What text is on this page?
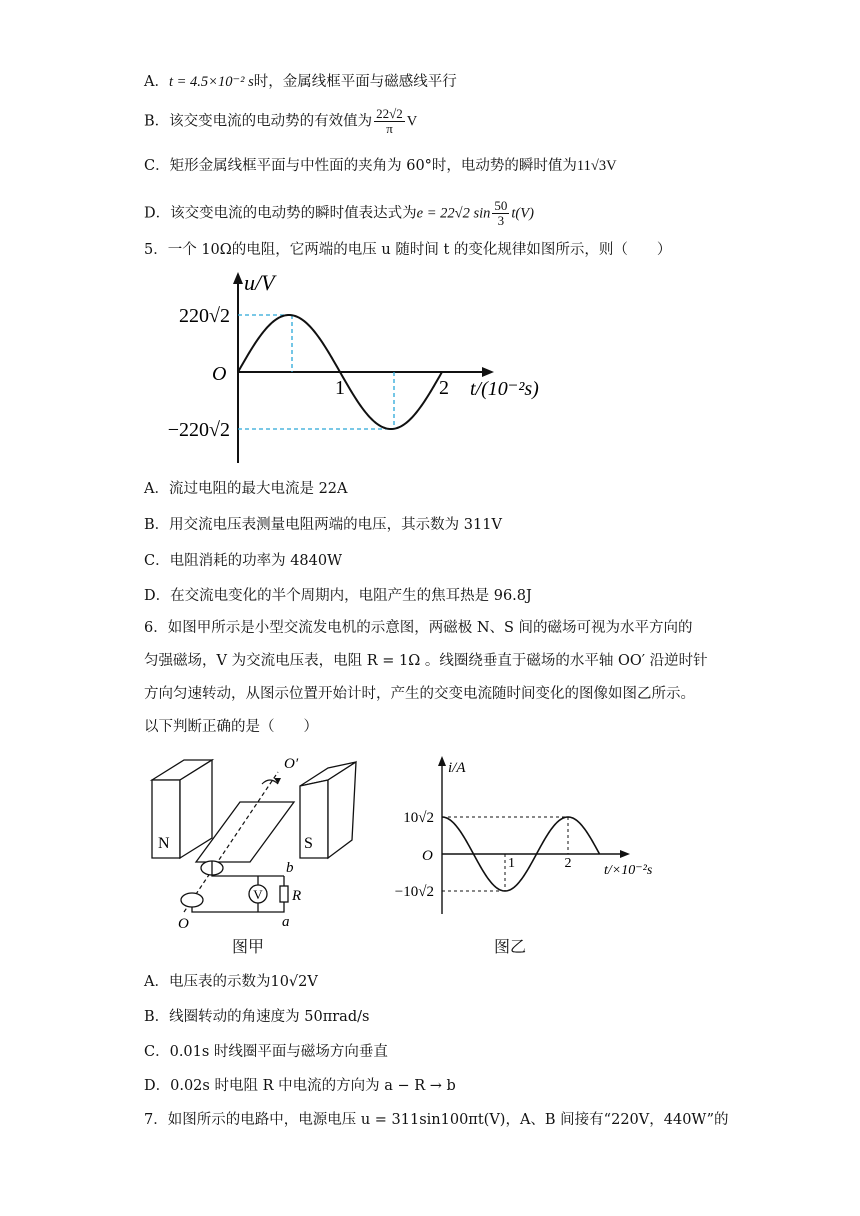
A．t = 4.5×10⁻² s时，金属线框平面与磁感线平行
B．该交变电流的电动势的有效值为 $\frac{22√2}{\pi}$ V
C．矩形金属线框平面与中性面的夹角为 60°时，电动势的瞬时值为11√3V
D．该交变电流的电动势的瞬时值表达式为e = 22√2 $\sin \frac{50}{3} t(V)$
5．一个 10Ω的电阻，它两端的电压 u 随时间 t 的变化规律如图所示，则（　　）
u/V
220√2
−220√2
O
1	2 t/(10⁻²s)
A．流过电阻的最大电流是 22A
B．用交流电压表测量电阻两端的电压，其示数为 311V
C．电阻消耗的功率为 4840W
D．在交流电变化的半个周期内，电阻产生的焦耳热是 96.8J
6．如图甲所示是小型交流发电机的示意图，两磁极 N、S 间的磁场可视为水平方向的
匀强磁场，V 为交流电压表，电阻 R = 1Ω 。线圈绕垂直于磁场的水平轴 OO′ 沿逆时针
方向匀速转动，从图示位置开始计时，产生的交变电流随时间变化的图像如图乙所示。
以下判断正确的是（　　）
N	S
O′
O
V R
b
a
图甲
i/A
10√2
−10√2
O	1	2 t/×10⁻²s
图乙
A．电压表的示数为10√2V
B．线圈转动的角速度为 50πrad/s
C．0.01s 时线圈平面与磁场方向垂直
D．0.02s 时电阻 R 中电流的方向为 a − R → b
7．如图所示的电路中，电源电压 u = 311sin100πt(V)，A、B 间接有“220V，440W”的
